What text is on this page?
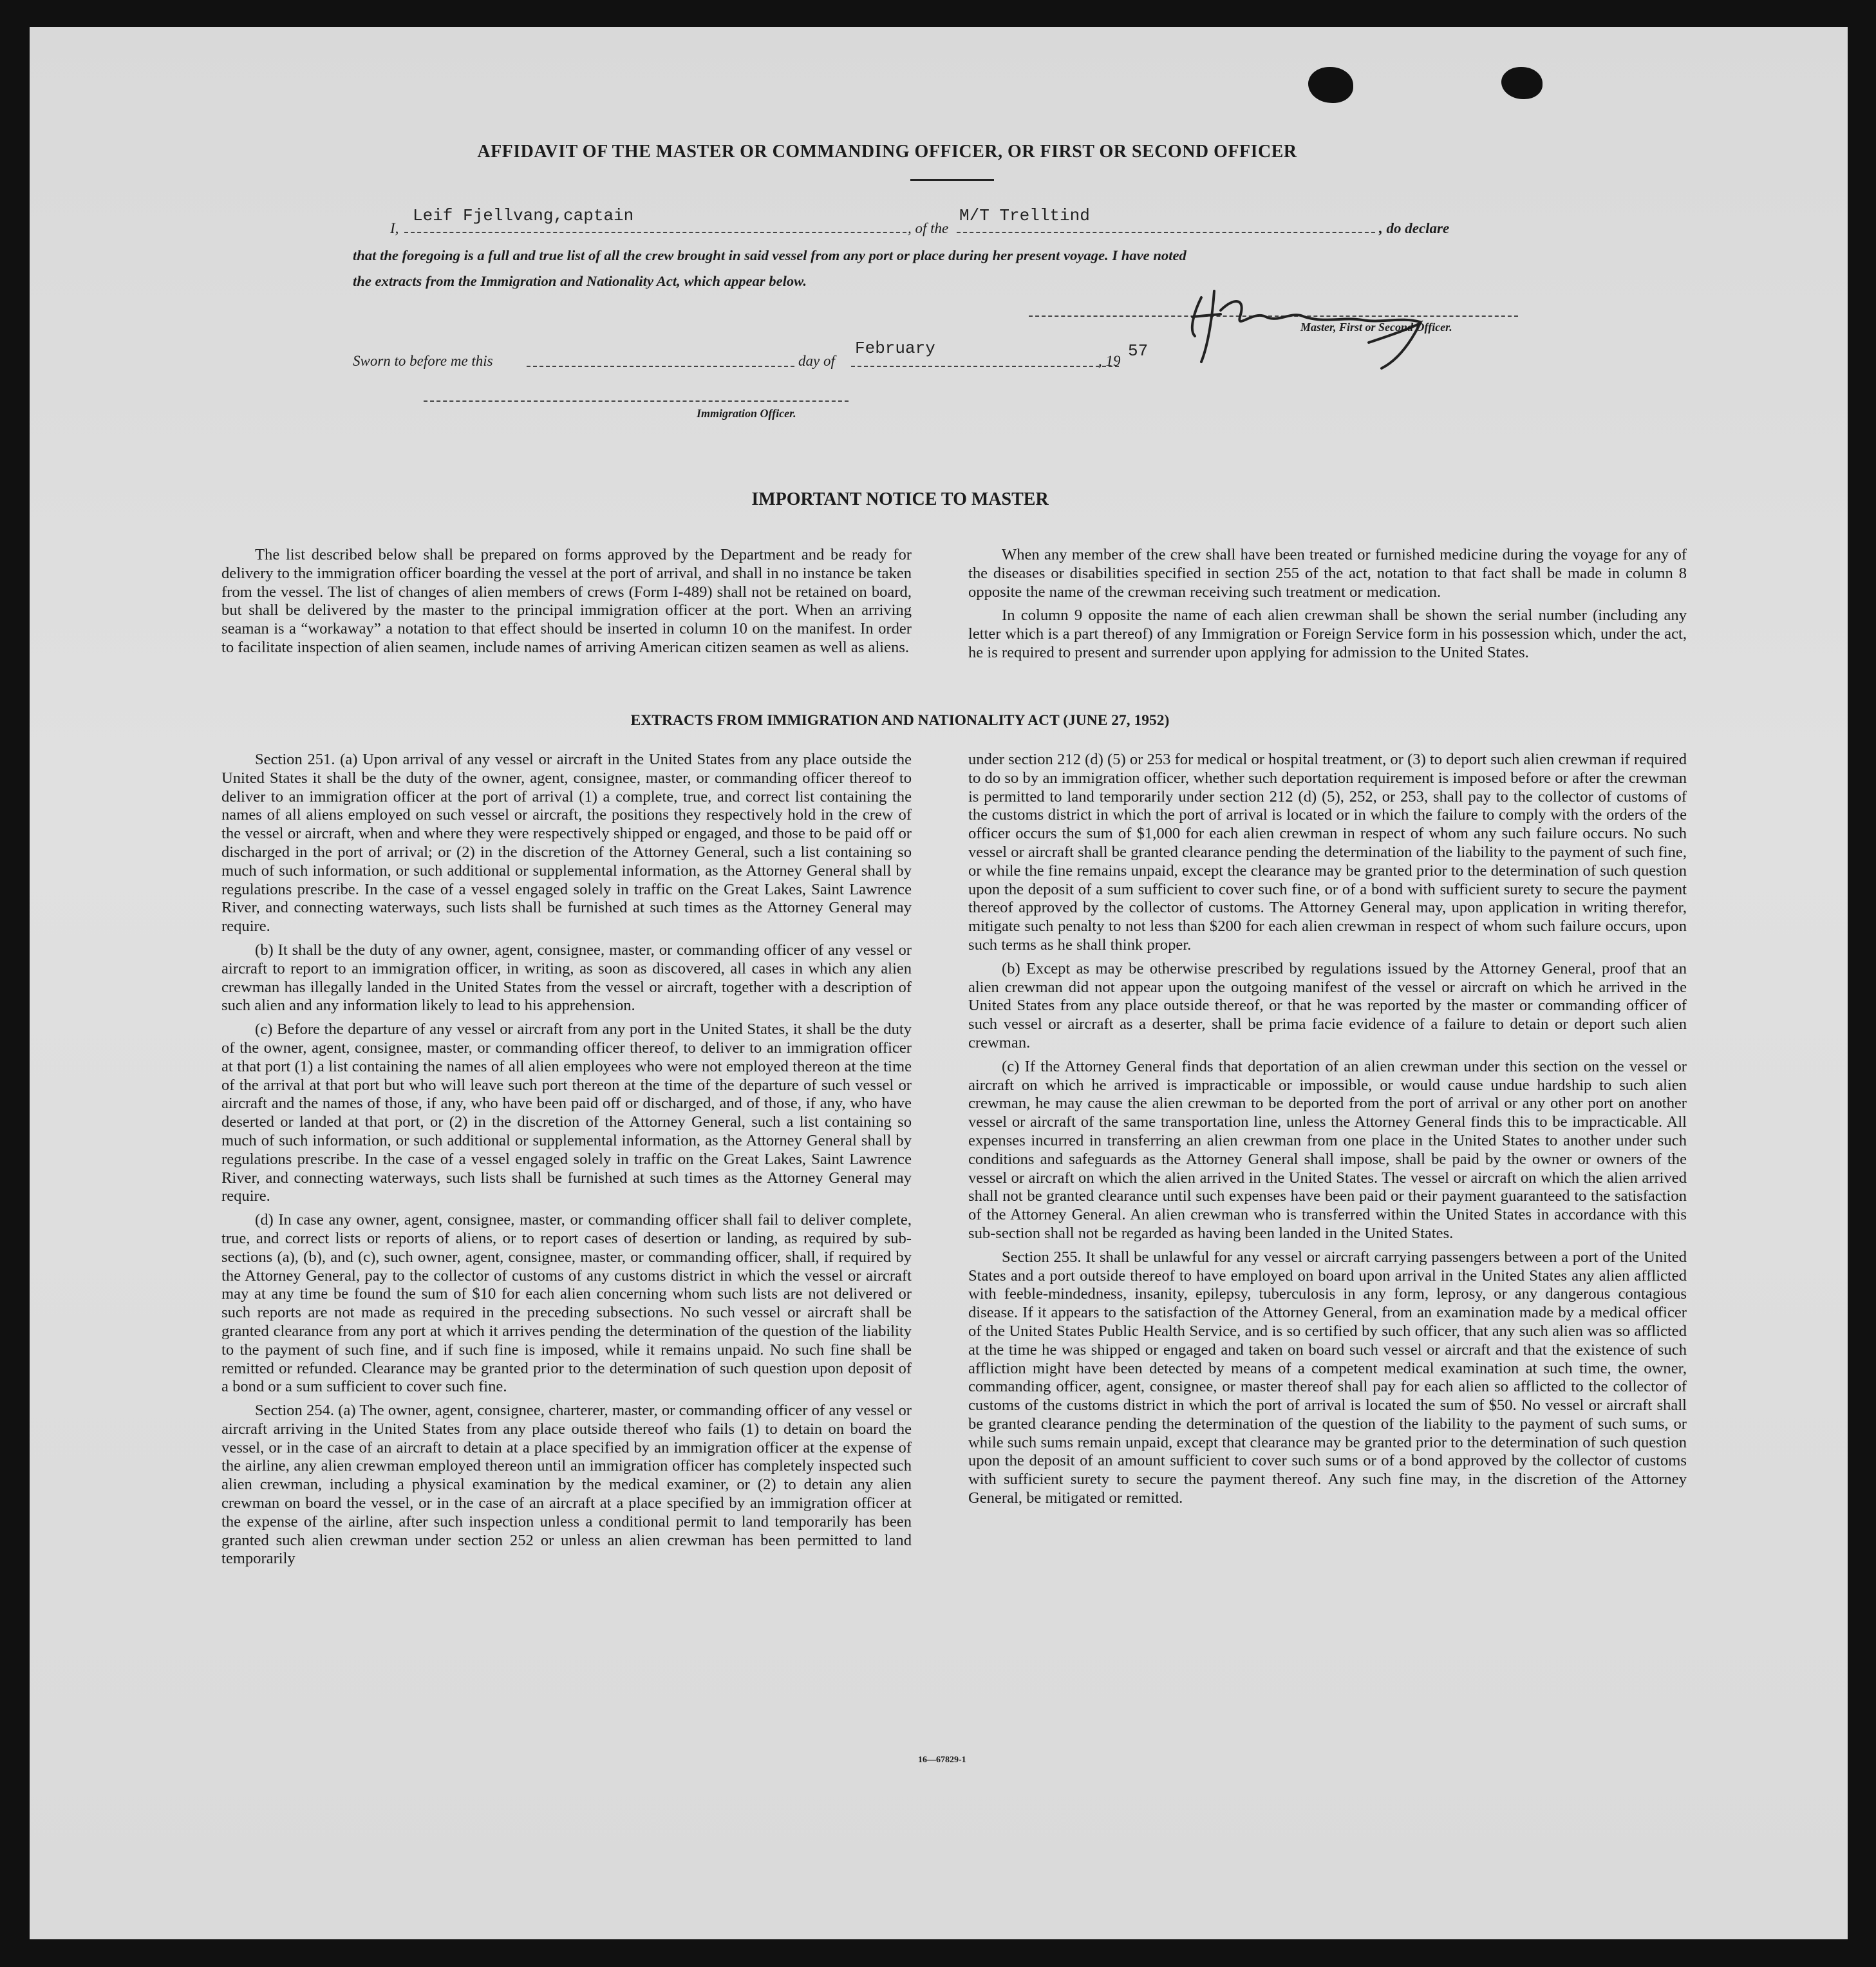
AFFIDAVIT OF THE MASTER OR COMMANDING OFFICER, OR FIRST OR SECOND OFFICER
I,
Leif Fjellvang,captain
, of the
M/T Trelltind
, do declare
that the foregoing is a full and true list of all the crew brought in said vessel from any port or place during her present voyage. I have noted
the extracts from the Immigration and Nationality Act, which appear below.
Master, First or Second Officer.
Sworn to before me this	day of
February
, 19
57
Immigration Officer.
IMPORTANT NOTICE TO MASTER

The list described below shall be prepared on forms approved by the Department and be ready for delivery to the immigration officer boarding the vessel at the port of arrival, and shall in no instance be taken from the vessel. The list of changes of alien members of crews (Form I-489) shall not be retained on board, but shall be delivered by the master to the principal immigration officer at the port. When an arriving seaman is a “workaway” a notation to that effect should be inserted in column 10 on the manifest. In order to facilitate inspection of alien seamen, include names of arriving American citizen seamen as well as aliens.

When any member of the crew shall have been treated or furnished medicine during the voyage for any of the diseases or disabilities specified in section 255 of the act, notation to that fact shall be made in column 8 opposite the name of the crewman receiving such treatment or medication.

In column 9 opposite the name of each alien crewman shall be shown the serial number (including any letter which is a part thereof) of any Immigration or Foreign Service form in his possession which, under the act, he is required to present and surrender upon applying for admission to the United States.

EXTRACTS FROM IMMIGRATION AND NATIONALITY ACT (JUNE 27, 1952)

Section 251. (a) Upon arrival of any vessel or aircraft in the United States from any place outside the United States it shall be the duty of the owner, agent, consignee, master, or commanding officer thereof to deliver to an immigration officer at the port of arrival (1) a complete, true, and correct list containing the names of all aliens employed on such vessel or aircraft, the positions they respectively hold in the crew of the vessel or aircraft, when and where they were respectively shipped or engaged, and those to be paid off or discharged in the port of arrival; or (2) in the discretion of the Attorney General, such a list containing so much of such information, or such additional or supplemental information, as the Attorney General shall by regulations prescribe. In the case of a vessel engaged solely in traffic on the Great Lakes, Saint Lawrence River, and connecting waterways, such lists shall be furnished at such times as the Attorney General may require.

(b) It shall be the duty of any owner, agent, consignee, master, or commanding officer of any vessel or aircraft to report to an immigration officer, in writing, as soon as discovered, all cases in which any alien crewman has illegally landed in the United States from the vessel or aircraft, together with a description of such alien and any information likely to lead to his apprehension.

(c) Before the departure of any vessel or aircraft from any port in the United States, it shall be the duty of the owner, agent, consignee, master, or commanding officer thereof, to deliver to an immigration officer at that port (1) a list containing the names of all alien employees who were not employed thereon at the time of the arrival at that port but who will leave such port thereon at the time of the departure of such vessel or aircraft and the names of those, if any, who have been paid off or discharged, and of those, if any, who have deserted or landed at that port, or (2) in the discretion of the Attorney General, such a list containing so much of such information, or such additional or supplemental information, as the Attorney General shall by regulations prescribe. In the case of a vessel engaged solely in traffic on the Great Lakes, Saint Lawrence River, and connecting waterways, such lists shall be furnished at such times as the Attorney General may require.

(d) In case any owner, agent, consignee, master, or commanding officer shall fail to deliver complete, true, and correct lists or reports of aliens, or to report cases of desertion or landing, as required by sub-sections (a), (b), and (c), such owner, agent, consignee, master, or commanding officer, shall, if required by the Attorney General, pay to the collector of customs of any customs district in which the vessel or aircraft may at any time be found the sum of $10 for each alien concerning whom such lists are not delivered or such reports are not made as required in the preceding subsections. No such vessel or aircraft shall be granted clearance from any port at which it arrives pending the determination of the question of the liability to the payment of such fine, and if such fine is imposed, while it remains unpaid. No such fine shall be remitted or refunded. Clearance may be granted prior to the determination of such question upon deposit of a bond or a sum sufficient to cover such fine.

Section 254. (a) The owner, agent, consignee, charterer, master, or commanding officer of any vessel or aircraft arriving in the United States from any place outside thereof who fails (1) to detain on board the vessel, or in the case of an aircraft to detain at a place specified by an immigration officer at the expense of the airline, any alien crewman employed thereon until an immigration officer has completely inspected such alien crewman, including a physical examination by the medical examiner, or (2) to detain any alien crewman on board the vessel, or in the case of an aircraft at a place specified by an immigration officer at the expense of the airline, after such inspection unless a conditional permit to land temporarily has been granted such alien crewman under section 252 or unless an alien crewman has been permitted to land temporarily

under section 212 (d) (5) or 253 for medical or hospital treatment, or (3) to deport such alien crewman if required to do so by an immigration officer, whether such deportation requirement is imposed before or after the crewman is permitted to land temporarily under section 212 (d) (5), 252, or 253, shall pay to the collector of customs of the customs district in which the port of arrival is located or in which the failure to comply with the orders of the officer occurs the sum of $1,000 for each alien crewman in respect of whom any such failure occurs. No such vessel or aircraft shall be granted clearance pending the determination of the liability to the payment of such fine, or while the fine remains unpaid, except the clearance may be granted prior to the determination of such question upon the deposit of a sum sufficient to cover such fine, or of a bond with sufficient surety to secure the payment thereof approved by the collector of customs. The Attorney General may, upon application in writing therefor, mitigate such penalty to not less than $200 for each alien crewman in respect of whom such failure occurs, upon such terms as he shall think proper.

(b) Except as may be otherwise prescribed by regulations issued by the Attorney General, proof that an alien crewman did not appear upon the outgoing manifest of the vessel or aircraft on which he arrived in the United States from any place outside thereof, or that he was reported by the master or commanding officer of such vessel or aircraft as a deserter, shall be prima facie evidence of a failure to detain or deport such alien crewman.

(c) If the Attorney General finds that deportation of an alien crewman under this section on the vessel or aircraft on which he arrived is impracticable or impossible, or would cause undue hardship to such alien crewman, he may cause the alien crewman to be deported from the port of arrival or any other port on another vessel or aircraft of the same transportation line, unless the Attorney General finds this to be impracticable. All expenses incurred in transferring an alien crewman from one place in the United States to another under such conditions and safeguards as the Attorney General shall impose, shall be paid by the owner or owners of the vessel or aircraft on which the alien arrived in the United States. The vessel or aircraft on which the alien arrived shall not be granted clearance until such expenses have been paid or their payment guaranteed to the satisfaction of the Attorney General. An alien crewman who is transferred within the United States in accordance with this sub-section shall not be regarded as having been landed in the United States.

Section 255. It shall be unlawful for any vessel or aircraft carrying passengers between a port of the United States and a port outside thereof to have employed on board upon arrival in the United States any alien afflicted with feeble-mindedness, insanity, epilepsy, tuberculosis in any form, leprosy, or any dangerous contagious disease. If it appears to the satisfaction of the Attorney General, from an examination made by a medical officer of the United States Public Health Service, and is so certified by such officer, that any such alien was so afflicted at the time he was shipped or engaged and taken on board such vessel or aircraft and that the existence of such affliction might have been detected by means of a competent medical examination at such time, the owner, commanding officer, agent, consignee, or master thereof shall pay for each alien so afflicted to the collector of customs of the customs district in which the port of arrival is located the sum of $50. No vessel or aircraft shall be granted clearance pending the determination of the question of the liability to the payment of such sums, or while such sums remain unpaid, except that clearance may be granted prior to the determination of such question upon the deposit of an amount sufficient to cover such sums or of a bond approved by the collector of customs with sufficient surety to secure the payment thereof. Any such fine may, in the discretion of the Attorney General, be mitigated or remitted.

16—67829-1
